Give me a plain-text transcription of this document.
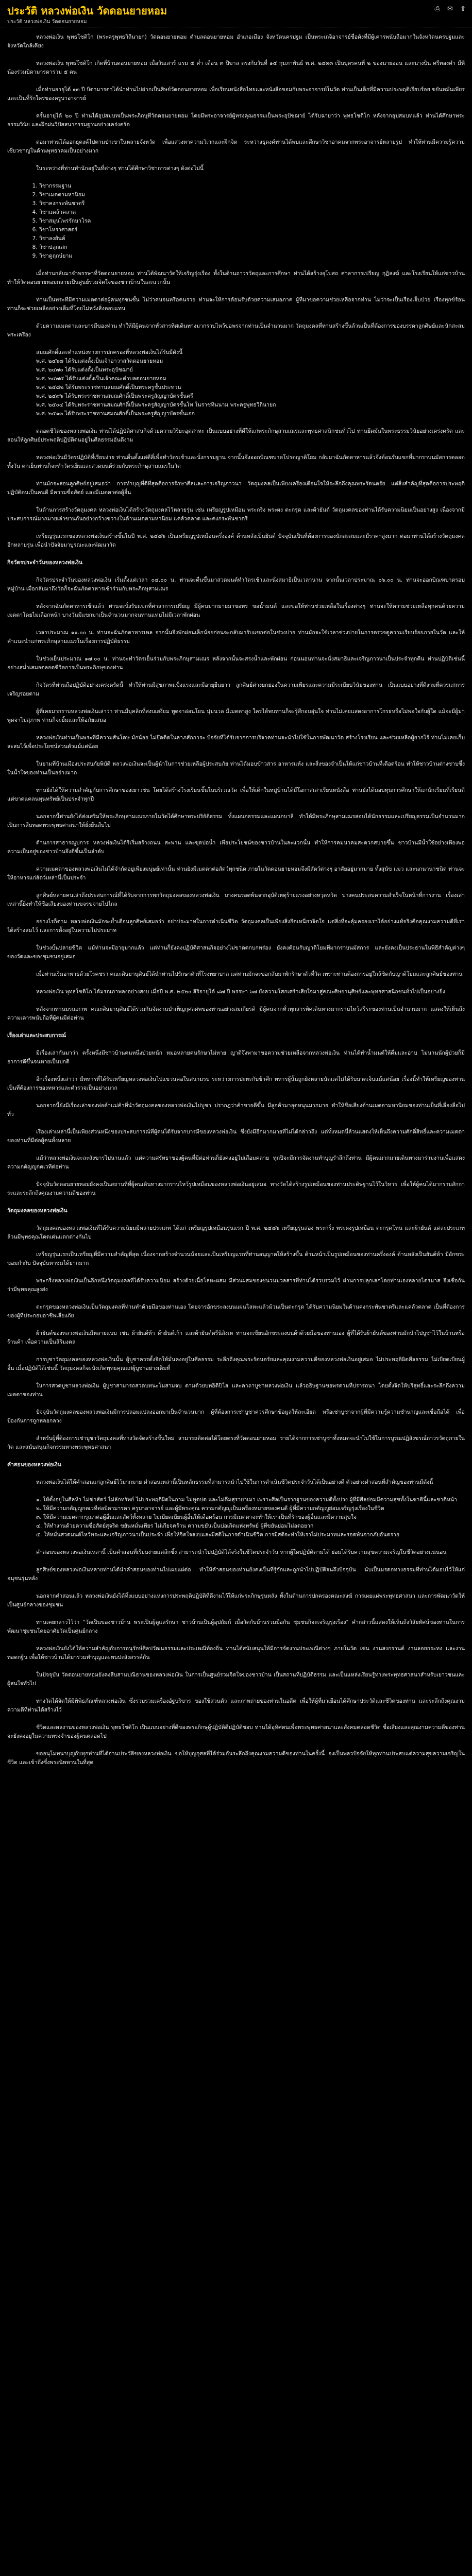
ประวัติ หลวงพ่อเงิน วัดดอนยายหอม
ประวัติ หลวงพ่อเงิน วัดดอนยายหอม
⎙ ✉ ⇧

หลวงพ่อเงิน พุทธโชติโก (พระครูพุทธวิถีนายก) วัดดอนยายหอม ตำบลดอนยายหอม อำเภอเมือง จังหวัดนครปฐม เป็นพระเกจิอาจารย์ชื่อดังที่มีผู้เคารพนับถือมากในจังหวัดนครปฐมและจังหวัดใกล้เคียง

หลวงพ่อเงิน พุทธโชติโก เกิดที่บ้านดอนยายหอม เมื่อวันเสาร์ แรม ๕ ค่ำ เดือน ๓ ปีขาล ตรงกับวันที่ ๑๕ กุมภาพันธ์ พ.ศ. ๒๔๓๓ เป็นบุตรคนที่ ๒ ของนายอ่อน และนางปิ่น ศรีทองคำ มีพี่น้องร่วมบิดามารดารวม ๕ คน

เมื่อท่านอายุได้ ๑๓ ปี บิดามารดาได้นำท่านไปฝากเป็นศิษย์วัดดอนยายหอม เพื่อเรียนหนังสือไทยและหนังสือขอมกับพระอาจารย์ในวัด ท่านเป็นเด็กที่มีความประพฤติเรียบร้อย ขยันหมั่นเพียร และเป็นที่รักใคร่ของครูบาอาจารย์

ครั้นอายุได้ ๒๐ ปี ท่านได้อุปสมบทเป็นพระภิกษุที่วัดดอนยายหอม โดยมีพระอาจารย์ผู้ทรงคุณธรรมเป็นพระอุปัชฌาย์ ได้รับฉายาว่า พุทธโชติโก หลังจากอุปสมบทแล้ว ท่านได้ศึกษาพระธรรมวินัย และฝึกฝนวิปัสสนากรรมฐานอย่างเคร่งครัด

ต่อมาท่านได้ออกธุดงค์ไปตามป่าเขาในหลายจังหวัด เพื่อแสวงหาความวิเวกและฝึกจิต ระหว่างธุดงค์ท่านได้พบและศึกษาวิชาอาคมจากพระอาจารย์หลายรูป ทำให้ท่านมีความรู้ความเชี่ยวชาญในด้านพุทธาคมเป็นอย่างมาก

ในระหว่างที่ท่านพำนักอยู่ในที่ต่างๆ ท่านได้ศึกษาวิชาการต่างๆ ดังต่อไปนี้

1. วิชากรรมฐาน
2. วิชาเมตตามหานิยม
3. วิชาคงกระพันชาตรี
4. วิชาแคล้วคลาด
5. วิชาสมุนไพรรักษาโรค
6. วิชาโหราศาสตร์
7. วิชาลงยันต์
8. วิชาปลุกเสก
9. วิชาดูฤกษ์ยาม

เมื่อท่านกลับมาจำพรรษาที่วัดดอนยายหอม ท่านได้พัฒนาวัดให้เจริญรุ่งเรือง ทั้งในด้านถาวรวัตถุและการศึกษา ท่านได้สร้างอุโบสถ ศาลาการเปรียญ กุฏิสงฆ์ และโรงเรียนให้แก่ชาวบ้าน ทำให้วัดดอนยายหอมกลายเป็นศูนย์รวมจิตใจของชาวบ้านในละแวกนั้น

ท่านเป็นพระที่มีความเมตตาต่อผู้คนทุกชนชั้น ไม่ว่าคนจนหรือคนรวย ท่านจะให้การต้อนรับด้วยความเสมอภาค ผู้ที่มาขอความช่วยเหลือจากท่าน ไม่ว่าจะเป็นเรื่องเจ็บป่วย เรื่องทุกข์ร้อน ท่านก็จะช่วยเหลืออย่างเต็มที่โดยไม่หวังสิ่งตอบแทน

ด้วยความเมตตาและบารมีของท่าน ทำให้มีผู้คนจากทั่วสารทิศเดินทางมากราบไหว้ขอพรจากท่านเป็นจำนวนมาก วัตถุมงคลที่ท่านสร้างขึ้นล้วนเป็นที่ต้องการของบรรดาลูกศิษย์และนักสะสมพระเครื่อง

สมณศักดิ์และตำแหน่งทางการปกครองที่หลวงพ่อเงินได้รับมีดังนี้

พ.ศ. ๒๔๖๗ ได้รับแต่งตั้งเป็นเจ้าอาวาสวัดดอนยายหอม

พ.ศ. ๒๔๗๐ ได้รับแต่งตั้งเป็นพระอุปัชฌาย์

พ.ศ. ๒๔๗๕ ได้รับแต่งตั้งเป็นเจ้าคณะตำบลดอนยายหอม

พ.ศ. ๒๔๘๒ ได้รับพระราชทานสมณศักดิ์เป็นพระครูชั้นประทวน

พ.ศ. ๒๔๙๖ ได้รับพระราชทานสมณศักดิ์เป็นพระครูสัญญาบัตรชั้นตรี

พ.ศ. ๒๕๐๔ ได้รับพระราชทานสมณศักดิ์เป็นพระครูสัญญาบัตรชั้นโท ในราชทินนาม พระครูพุทธวิถีนายก

พ.ศ. ๒๕๑๓ ได้รับพระราชทานสมณศักดิ์เป็นพระครูสัญญาบัตรชั้นเอก

ตลอดชีวิตของหลวงพ่อเงิน ท่านได้ปฏิบัติศาสนกิจด้วยความวิริยะอุตสาหะ เป็นแบบอย่างที่ดีให้แก่พระภิกษุสามเณรและพุทธศาสนิกชนทั่วไป ท่านยึดมั่นในพระธรรมวินัยอย่างเคร่งครัด และสอนให้ลูกศิษย์ประพฤติปฏิบัติตนอยู่ในศีลธรรมอันดีงาม

หลวงพ่อเงินมีวัตรปฏิบัติที่เรียบง่าย ท่านตื่นตั้งแต่ตีสี่เพื่อทำวัตรเช้าและนั่งกรรมฐาน จากนั้นจึงออกบิณฑบาตโปรดญาติโยม กลับมาฉันภัตตาหารแล้วจึงต้อนรับแขกที่มากราบนมัสการตลอดทั้งวัน ตกเย็นท่านก็จะทำวัตรเย็นและสวดมนต์ร่วมกับพระภิกษุสามเณรในวัด

ท่านมักจะสอนลูกศิษย์อยู่เสมอว่า การทำบุญที่ดีที่สุดคือการรักษาศีลและการเจริญภาวนา วัตถุมงคลเป็นเพียงเครื่องเตือนใจให้ระลึกถึงคุณพระรัตนตรัย แต่สิ่งสำคัญที่สุดคือการประพฤติปฏิบัติตนเป็นคนดี มีความซื่อสัตย์ และมีเมตตาต่อผู้อื่น

ในด้านการสร้างวัตถุมงคล หลวงพ่อเงินได้สร้างวัตถุมงคลไว้หลายรุ่น เช่น เหรียญรูปเหมือน พระกริ่ง พระผง ตะกรุด และผ้ายันต์ วัตถุมงคลของท่านได้รับความนิยมเป็นอย่างสูง เนื่องจากมีประสบการณ์มากมายเล่าขานกันอย่างกว้างขวางในด้านเมตตามหานิยม แคล้วคลาด และคงกระพันชาตรี

เหรียญรุ่นแรกของหลวงพ่อเงินสร้างขึ้นในปี พ.ศ. ๒๔๘๖ เป็นเหรียญรูปเหมือนครึ่งองค์ ด้านหลังเป็นยันต์ ปัจจุบันเป็นที่ต้องการของนักสะสมและมีราคาสูงมาก ต่อมาท่านได้สร้างวัตถุมงคลอีกหลายรุ่น เพื่อนำปัจจัยมาบูรณะและพัฒนาวัด

กิจวัตรประจำวันของหลวงพ่อเงิน

กิจวัตรประจำวันของหลวงพ่อเงิน เริ่มตั้งแต่เวลา ๐๔.๐๐ น. ท่านจะตื่นขึ้นมาสวดมนต์ทำวัตรเช้าและนั่งสมาธิเป็นเวลานาน จากนั้นเวลาประมาณ ๐๖.๐๐ น. ท่านจะออกบิณฑบาตรอบหมู่บ้าน เมื่อกลับมาถึงวัดก็จะฉันภัตตาหารเช้าร่วมกับพระภิกษุสามเณร

หลังจากฉันภัตตาหารเช้าแล้ว ท่านจะนั่งรับแขกที่ศาลาการเปรียญ มีผู้คนมากมายมาขอพร ขอน้ำมนต์ และขอให้ท่านช่วยเหลือในเรื่องต่างๆ ท่านจะให้ความช่วยเหลือทุกคนด้วยความเมตตาโดยไม่เลือกหน้า บางวันมีแขกมาเป็นจำนวนมากจนท่านแทบไม่มีเวลาพักผ่อน

เวลาประมาณ ๑๑.๐๐ น. ท่านจะฉันภัตตาหารเพล จากนั้นจึงพักผ่อนเล็กน้อยก่อนจะกลับมารับแขกต่อในช่วงบ่าย ท่านมักจะใช้เวลาช่วงบ่ายในการตรวจดูความเรียบร้อยภายในวัด และให้คำแนะนำแก่พระภิกษุสามเณรในเรื่องการปฏิบัติธรรม

ในช่วงเย็นประมาณ ๑๗.๐๐ น. ท่านจะทำวัตรเย็นร่วมกับพระภิกษุสามเณร หลังจากนั้นจะสรงน้ำและพักผ่อน ก่อนนอนท่านจะนั่งสมาธิและเจริญภาวนาเป็นประจำทุกคืน ท่านปฏิบัติเช่นนี้อย่างสม่ำเสมอตลอดชีวิตการเป็นพระภิกษุของท่าน

กิจวัตรที่ท่านถือปฏิบัติอย่างเคร่งครัดนี้ ทำให้ท่านมีสุขภาพแข็งแรงและมีอายุยืนยาว ลูกศิษย์ต่างยกย่องในความเพียรและความมีระเบียบวินัยของท่าน เป็นแบบอย่างที่ดีงามที่ควรแก่การเจริญรอยตาม

ผู้ที่เคยมากราบหลวงพ่อเงินเล่าว่า ท่านมีบุคลิกที่สงบเสงี่ยม พูดจาอ่อนโยน นุ่มนวล มีเมตตาสูง ใครได้พบท่านก็จะรู้สึกอบอุ่นใจ ท่านไม่เคยแสดงอาการโกรธหรือไม่พอใจกับผู้ใด แม้จะมีผู้มาพูดจาไม่สุภาพ ท่านก็จะยิ้มและให้อภัยเสมอ

หลวงพ่อเงินท่านเป็นพระที่มีความสันโดษ มักน้อย ไม่ยึดติดในลาภสักการะ ปัจจัยที่ได้รับจากการบริจาคท่านจะนำไปใช้ในการพัฒนาวัด สร้างโรงเรียน และช่วยเหลือผู้ยากไร้ ท่านไม่เคยเก็บสะสมไว้เพื่อประโยชน์ส่วนตัวแม้แต่น้อย

ในยามที่บ้านเมืองประสบภัยพิบัติ หลวงพ่อเงินจะเป็นผู้นำในการช่วยเหลือผู้ประสบภัย ท่านได้มอบข้าวสาร อาหารแห้ง และสิ่งของจำเป็นให้แก่ชาวบ้านที่เดือดร้อน ทำให้ชาวบ้านต่างซาบซึ้งในน้ำใจของท่านเป็นอย่างมาก

ท่านยังได้ให้ความสำคัญกับการศึกษาของเยาวชน โดยได้สร้างโรงเรียนขึ้นในบริเวณวัด เพื่อให้เด็กในหมู่บ้านได้มีโอกาสเล่าเรียนหนังสือ ท่านยังได้มอบทุนการศึกษาให้แก่นักเรียนที่เรียนดีแต่ขาดแคลนทุนทรัพย์เป็นประจำทุกปี

นอกจากนี้ท่านยังได้ส่งเสริมให้พระภิกษุสามเณรภายในวัดได้ศึกษาพระปริยัติธรรม ทั้งแผนกธรรมและแผนกบาลี ทำให้มีพระภิกษุสามเณรสอบได้นักธรรมและเปรียญธรรมเป็นจำนวนมาก เป็นการสืบทอดพระพุทธศาสนาให้ยั่งยืนสืบไป

ด้านการสาธารณูปการ หลวงพ่อเงินได้ริเริ่มสร้างถนน สะพาน และขุดบ่อน้ำ เพื่อประโยชน์ของชาวบ้านในละแวกนั้น ทำให้การคมนาคมสะดวกสบายขึ้น ชาวบ้านมีน้ำใช้อย่างเพียงพอ ความเป็นอยู่ของชาวบ้านจึงดีขึ้นเป็นลำดับ

ความเมตตาของหลวงพ่อเงินไม่ได้จำกัดอยู่เพียงมนุษย์เท่านั้น ท่านยังมีเมตตาต่อสัตว์ทุกชนิด ภายในวัดดอนยายหอมจึงมีสัตว์ต่างๆ อาศัยอยู่มากมาย ทั้งสุนัข แมว และนกนานาชนิด ท่านจะให้อาหารแก่สัตว์เหล่านี้เป็นประจำ

ลูกศิษย์หลายคนเล่าถึงประสบการณ์ที่ได้รับจากการพกวัตถุมงคลของหลวงพ่อเงิน บางคนรอดพ้นจากอุบัติเหตุร้ายแรงอย่างหวุดหวิด บางคนประสบความสำเร็จในหน้าที่การงาน เรื่องเล่าเหล่านี้ยิ่งทำให้ชื่อเสียงของท่านขจรขจายไปไกล

อย่างไรก็ตาม หลวงพ่อเงินมักจะย้ำเตือนลูกศิษย์เสมอว่า อย่าประมาทในการดำเนินชีวิต วัตถุมงคลเป็นเพียงสิ่งยึดเหนี่ยวจิตใจ แต่สิ่งที่จะคุ้มครองเราได้อย่างแท้จริงคือคุณงามความดีที่เราได้สร้างสมไว้ และการตั้งอยู่ในความไม่ประมาท

ในช่วงบั้นปลายชีวิต แม้ท่านจะมีอายุมากแล้ว แต่ท่านก็ยังคงปฏิบัติศาสนกิจอย่างไม่ขาดตกบกพร่อง ยังคงต้อนรับญาติโยมที่มากราบนมัสการ และยังคงเป็นประธานในพิธีสำคัญต่างๆ ของวัดและของชุมชนอยู่เสมอ

เมื่อท่านเริ่มอาพาธด้วยโรคชรา คณะศิษยานุศิษย์ได้นำท่านไปรักษาตัวที่โรงพยาบาล แต่ท่านมักจะขอกลับมาพักรักษาตัวที่วัด เพราะท่านต้องการอยู่ใกล้ชิดกับญาติโยมและลูกศิษย์ของท่าน

หลวงพ่อเงิน พุทธโชติโก ได้มรณภาพลงอย่างสงบ เมื่อปี พ.ศ. ๒๕๒๐ สิริอายุได้ ๘๗ ปี พรรษา ๖๗ ยังความโศกเศร้าเสียใจมาสู่คณะศิษยานุศิษย์และพุทธศาสนิกชนทั่วไปเป็นอย่างยิ่ง

หลังจากท่านมรณภาพ คณะศิษยานุศิษย์ได้ร่วมกันจัดงานบำเพ็ญกุศลศพของท่านอย่างสมเกียรติ มีผู้คนจากทั่วทุกสารทิศเดินทางมากราบไหว้สรีระของท่านเป็นจำนวนมาก แสดงให้เห็นถึงความเคารพนับถือที่ผู้คนมีต่อท่าน

เรื่องเล่าและประสบการณ์

มีเรื่องเล่ากันมาว่า ครั้งหนึ่งมีชาวบ้านคนหนึ่งป่วยหนัก หมอหลายคนรักษาไม่หาย ญาติจึงพามาขอความช่วยเหลือจากหลวงพ่อเงิน ท่านได้ทำน้ำมนต์ให้ดื่มและอาบ ไม่นานนักผู้ป่วยก็มีอาการดีขึ้นจนหายเป็นปกติ

อีกเรื่องหนึ่งเล่าว่า มีทหารที่ได้รับเหรียญหลวงพ่อเงินไปแขวนคอในสนามรบ ระหว่างการปะทะกับข้าศึก ทหารผู้นั้นถูกยิงหลายนัดแต่ไม่ได้รับบาดเจ็บแม้แต่น้อย เรื่องนี้ทำให้เหรียญของท่านเป็นที่ต้องการของทหารและตำรวจเป็นอย่างมาก

นอกจากนี้ยังมีเรื่องเล่าของพ่อค้าแม่ค้าที่นำวัตถุมงคลของหลวงพ่อเงินไปบูชา ปรากฏว่าค้าขายดีขึ้น มีลูกค้ามาอุดหนุนมากมาย ทำให้ชื่อเสียงด้านเมตตามหานิยมของท่านเป็นที่เลื่องลือไปทั่ว

เรื่องเล่าเหล่านี้เป็นเพียงส่วนหนึ่งของประสบการณ์ที่ผู้คนได้รับจากบารมีของหลวงพ่อเงิน ซึ่งยังมีอีกมากมายที่ไม่ได้กล่าวถึง แต่ทั้งหมดนี้ล้วนแสดงให้เห็นถึงความศักดิ์สิทธิ์และความเมตตาของท่านที่มีต่อผู้คนทั้งหลาย

แม้ว่าหลวงพ่อเงินจะละสังขารไปนานแล้ว แต่ความศรัทธาของผู้คนที่มีต่อท่านก็ยังคงอยู่ไม่เสื่อมคลาย ทุกปีจะมีการจัดงานทำบุญรำลึกถึงท่าน มีผู้คนมากมายเดินทางมาร่วมงานเพื่อแสดงความกตัญญูกตเวทีต่อท่าน

ปัจจุบันวัดดอนยายหอมยังคงเป็นสถานที่ที่ผู้คนเดินทางมากราบไหว้รูปเหมือนของหลวงพ่อเงินอยู่เสมอ ทางวัดได้สร้างรูปเหมือนของท่านประดิษฐานไว้ในวิหาร เพื่อให้ผู้คนได้มากราบสักการะและระลึกถึงคุณงามความดีของท่าน

วัตถุมงคลของหลวงพ่อเงิน

วัตถุมงคลของหลวงพ่อเงินที่ได้รับความนิยมมีหลายประเภท ได้แก่ เหรียญรูปเหมือนรุ่นแรก ปี พ.ศ. ๒๔๘๖ เหรียญรุ่นสอง พระกริ่ง พระผงรูปเหมือน ตะกรุดโทน และผ้ายันต์ แต่ละประเภทล้วนมีพุทธคุณโดดเด่นแตกต่างกันไป

เหรียญรุ่นแรกเป็นเหรียญที่มีความสำคัญที่สุด เนื่องจากสร้างจำนวนน้อยและเป็นเหรียญแรกที่ท่านอนุญาตให้สร้างขึ้น ด้านหน้าเป็นรูปเหมือนของท่านครึ่งองค์ ด้านหลังเป็นยันต์ห้า มีอักขระขอมกำกับ ปัจจุบันหาชมได้ยากมาก

พระกริ่งหลวงพ่อเงินเป็นอีกหนึ่งวัตถุมงคลที่ได้รับความนิยม สร้างด้วยเนื้อโลหะผสม มีส่วนผสมของชนวนมวลสารที่ท่านได้รวบรวมไว้ ผ่านการปลุกเสกโดยท่านเองหลายไตรมาส จึงเชื่อกันว่ามีพุทธคุณสูงส่ง

ตะกรุดของหลวงพ่อเงินเป็นวัตถุมงคลที่ท่านทำด้วยมือของท่านเอง โดยจารอักขระลงบนแผ่นโลหะแล้วม้วนเป็นตะกรุด ได้รับความนิยมในด้านคงกระพันชาตรีและแคล้วคลาด เป็นที่ต้องการของผู้ที่ประกอบอาชีพเสี่ยงภัย

ผ้ายันต์ของหลวงพ่อเงินมีหลายแบบ เช่น ผ้ายันต์ห้า ผ้ายันต์เก้า และผ้ายันต์ตรีนิสิงเห ท่านจะเขียนอักขระลงบนผ้าด้วยมือของท่านเอง ผู้ที่ได้รับผ้ายันต์ของท่านมักนำไปบูชาไว้ในบ้านหรือร้านค้า เพื่อความเป็นสิริมงคล

การบูชาวัตถุมงคลของหลวงพ่อเงินนั้น ผู้บูชาควรตั้งจิตให้มั่นคงอยู่ในศีลธรรม ระลึกถึงคุณพระรัตนตรัยและคุณงามความดีของหลวงพ่อเงินอยู่เสมอ ไม่ประพฤติผิดศีลธรรม ไม่เบียดเบียนผู้อื่น เมื่อปฏิบัติได้เช่นนี้ วัตถุมงคลก็จะบังเกิดพุทธคุณแก่ผู้บูชาอย่างเต็มที่

ในการสวดบูชาหลวงพ่อเงิน ผู้บูชาสามารถสวดบทนะโมสามจบ ตามด้วยบทอิติปิโส และคาถาบูชาหลวงพ่อเงิน แล้วอธิษฐานขอพรตามที่ปรารถนา โดยตั้งจิตให้บริสุทธิ์และระลึกถึงความเมตตาของท่าน

ปัจจุบันวัตถุมงคลของหลวงพ่อเงินมีการปลอมแปลงออกมาเป็นจำนวนมาก ผู้ที่ต้องการเช่าบูชาควรศึกษาข้อมูลให้ละเอียด หรือเช่าบูชาจากผู้ที่มีความรู้ความชำนาญและเชื่อถือได้ เพื่อป้องกันการถูกหลอกลวง

สำหรับผู้ที่ต้องการเช่าบูชาวัตถุมงคลที่ทางวัดจัดสร้างขึ้นใหม่ สามารถติดต่อได้โดยตรงที่วัดดอนยายหอม รายได้จากการเช่าบูชาทั้งหมดจะนำไปใช้ในการบูรณปฏิสังขรณ์ถาวรวัตถุภายในวัด และสนับสนุนกิจกรรมทางพระพุทธศาสนา

คำสอนของหลวงพ่อเงิน

หลวงพ่อเงินได้ให้คำสอนแก่ลูกศิษย์ไว้มากมาย คำสอนเหล่านี้เป็นหลักธรรมที่สามารถนำไปใช้ในการดำเนินชีวิตประจำวันได้เป็นอย่างดี ตัวอย่างคำสอนที่สำคัญของท่านมีดังนี้

๑. ให้ตั้งอยู่ในศีลห้า ไม่ฆ่าสัตว์ ไม่ลักทรัพย์ ไม่ประพฤติผิดในกาม ไม่พูดปด และไม่ดื่มสุรายาเมา เพราะศีลเป็นรากฐานของความดีทั้งปวง ผู้ที่มีศีลย่อมมีความสุขทั้งในชาตินี้และชาติหน้า

๒. ให้มีความกตัญญูกตเวทีต่อบิดามารดา ครูบาอาจารย์ และผู้มีพระคุณ ความกตัญญูเป็นเครื่องหมายของคนดี ผู้ที่มีความกตัญญูย่อมเจริญรุ่งเรืองในชีวิต

๓. ให้มีความเมตตากรุณาต่อผู้อื่นและสัตว์ทั้งหลาย ไม่เบียดเบียนผู้อื่นให้เดือดร้อน การมีเมตตาจะทำให้เราเป็นที่รักของผู้อื่นและมีความสุขใจ

๔. ให้ทำงานด้วยความซื่อสัตย์สุจริต ขยันหมั่นเพียร ไม่เกียจคร้าน ความขยันเป็นบ่อเกิดแห่งทรัพย์ ผู้ที่ขยันย่อมไม่อดอยาก

๕. ให้หมั่นสวดมนต์ไหว้พระและเจริญภาวนาเป็นประจำ เพื่อให้จิตใจสงบและมีสติในการดำเนินชีวิต การมีสติจะทำให้เราไม่ประมาทและรอดพ้นจากภัยอันตราย

คำสอนของหลวงพ่อเงินเหล่านี้ เป็นคำสอนที่เรียบง่ายแต่ลึกซึ้ง สามารถนำไปปฏิบัติได้จริงในชีวิตประจำวัน หากผู้ใดปฏิบัติตามได้ ย่อมได้รับความสุขความเจริญในชีวิตอย่างแน่นอน

ลูกศิษย์ของหลวงพ่อเงินหลายท่านได้นำคำสอนของท่านไปเผยแผ่ต่อ ทำให้คำสอนของท่านยังคงเป็นที่รู้จักและถูกนำไปปฏิบัติจนถึงปัจจุบัน นับเป็นมรดกทางธรรมที่ท่านได้มอบไว้ให้แก่อนุชนรุ่นหลัง

นอกจากคำสอนแล้ว หลวงพ่อเงินยังได้ทิ้งแบบอย่างแห่งการประพฤติปฏิบัติที่ดีงามไว้ให้แก่พระภิกษุรุ่นหลัง ทั้งในด้านการปกครองคณะสงฆ์ การเผยแผ่พระพุทธศาสนา และการพัฒนาวัดให้เป็นศูนย์กลางของชุมชน

ท่านเคยกล่าวไว้ว่า "วัดเป็นของชาวบ้าน พระเป็นผู้ดูแลรักษา ชาวบ้านเป็นผู้อุปถัมภ์ เมื่อวัดกับบ้านร่วมมือกัน ชุมชนก็จะเจริญรุ่งเรือง" คำกล่าวนี้แสดงให้เห็นถึงวิสัยทัศน์ของท่านในการพัฒนาชุมชนโดยอาศัยวัดเป็นศูนย์กลาง

หลวงพ่อเงินยังได้ให้ความสำคัญกับการอนุรักษ์ศิลปวัฒนธรรมและประเพณีท้องถิ่น ท่านได้สนับสนุนให้มีการจัดงานประเพณีต่างๆ ภายในวัด เช่น งานสงกรานต์ งานลอยกระทง และงานทอดกฐิน เพื่อให้ชาวบ้านได้มาร่วมทำบุญและพบปะสังสรรค์กัน

ในปัจจุบัน วัดดอนยายหอมยังคงสืบสานปณิธานของหลวงพ่อเงิน ในการเป็นศูนย์รวมจิตใจของชาวบ้าน เป็นสถานที่ปฏิบัติธรรม และเป็นแหล่งเรียนรู้ทางพระพุทธศาสนาสำหรับเยาวชนและผู้สนใจทั่วไป

ทางวัดได้จัดให้มีพิพิธภัณฑ์หลวงพ่อเงิน ซึ่งรวบรวมเครื่องอัฐบริขาร ของใช้ส่วนตัว และภาพถ่ายของท่านในอดีต เพื่อให้ผู้ที่มาเยือนได้ศึกษาประวัติและชีวิตของท่าน และระลึกถึงคุณงามความดีที่ท่านได้สร้างไว้

ชีวิตและผลงานของหลวงพ่อเงิน พุทธโชติโก เป็นแบบอย่างที่ดีของพระภิกษุผู้ปฏิบัติดีปฏิบัติชอบ ท่านได้อุทิศตนเพื่อพระพุทธศาสนาและสังคมตลอดชีวิต ชื่อเสียงและคุณงามความดีของท่านจะยังคงอยู่ในความทรงจำของผู้คนตลอดไป

ขออนุโมทนาบุญกับทุกท่านที่ได้อ่านประวัติของหลวงพ่อเงิน ขอให้บุญกุศลที่ได้ร่วมกันระลึกถึงคุณงามความดีของท่านในครั้งนี้ จงเป็นพลวปัจจัยให้ทุกท่านประสบแต่ความสุขความเจริญในชีวิต และเข้าถึงซึ่งพระนิพพานในที่สุด
